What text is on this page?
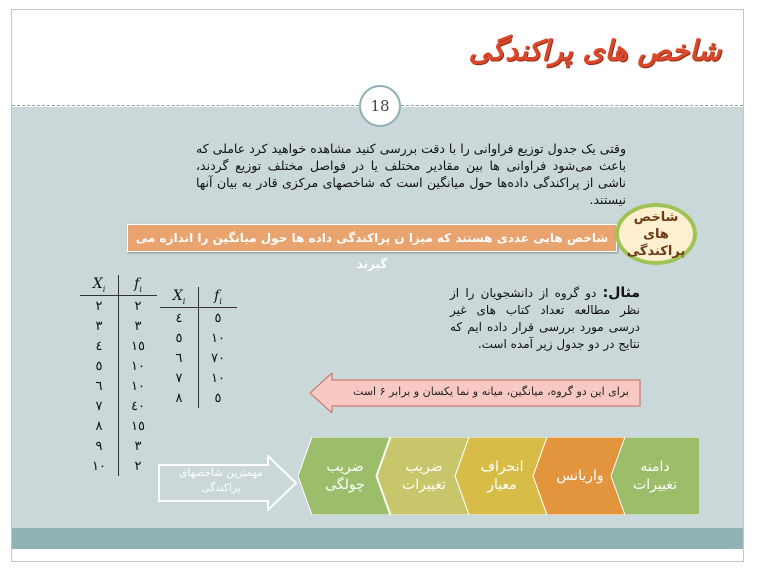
شاخص های پراکندگی
18
وقتی یک جدول توزیع فراوانی را با دقت بررسی کنید مشاهده خواهید کرد عاملی که باعث می‌شود فراوانی ها بین مقادیر مختلف یا در فواصل مختلف توزیع گردند، ناشی از پراکندگی داده‌ها حول میانگین است که شاخصهای مرکزی قادر به بیان آنها نیستند.
شاخص هایی عددی هستند که میزا ن پراکندگی داده ها حول میانگین را اندازه می گیرند
شاخص های پراکندگی
مثال: دو گروه از دانشجویان را از نظر مطالعه تعداد کتاب های غیر درسی مورد بررسی قرار داده ایم که نتایج در دو جدول زیر آمده است.
برای این دو گروه، میانگین، میانه و نما یکسان و برابر ۶ است
$X_i$	$f_i$
۲	۲
۳	۳
٤	۱٥
٥	۱۰
٦	۱۰
۷	٤۰
۸	۱٥
۹	۳
۱۰	۲
$X_i$	$f_i$
٤	٥
٥	۱۰
٦	۷۰
۷	۱۰
۸	٥
مهمترین شاخصهای پراکندگی
دامنه تغییرات
واریانس
انحراف معیار
ضریب تغییرات
ضریب چولگی
